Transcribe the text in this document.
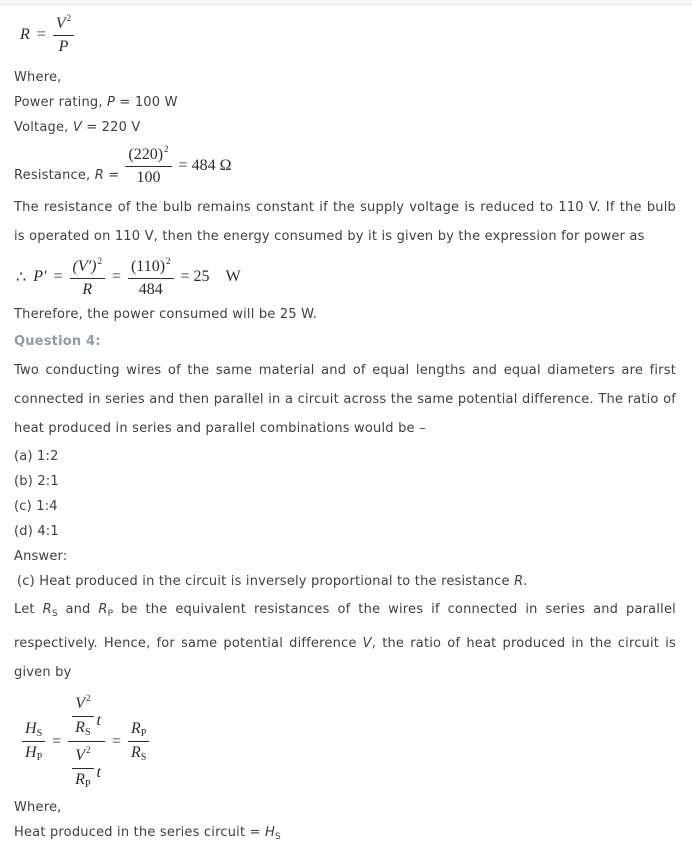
$R = \frac{V^2}{P}$
Where,
Power rating, P = 100 W
Voltage, V = 220 V
Resistance, $R = \frac{(220)^2}{100} = 484$ Ω
The resistance of the bulb remains constant if the supply voltage is reduced to 110 V. If the bulb is operated on 110 V, then the energy consumed by it is given by the expression for power as
∴ $P' = \frac{(V')^2}{R} = \frac{(110)^2}{484} = 25$ W
Therefore, the power consumed will be 25 W.
Question 4:
Two conducting wires of the same material and of equal lengths and equal diameters are first connected in series and then parallel in a circuit across the same potential difference. The ratio of heat produced in series and parallel combinations would be –
(a) 1:2
(b) 2:1
(c) 1:4
(d) 4:1
Answer:
(c) Heat produced in the circuit is inversely proportional to the resistance R.
Let $R_S$ and $R_P$ be the equivalent resistances of the wires if connected in series and parallel respectively. Hence, for same potential difference V, the ratio of heat produced in the circuit is given by
$\frac{H_S}{H_P} = \frac{\frac{V^2}{R_S} t}{\frac{V^2}{R_P} t} = \frac{R_P}{R_S}$
Where,
Heat produced in the series circuit = $H_S$
